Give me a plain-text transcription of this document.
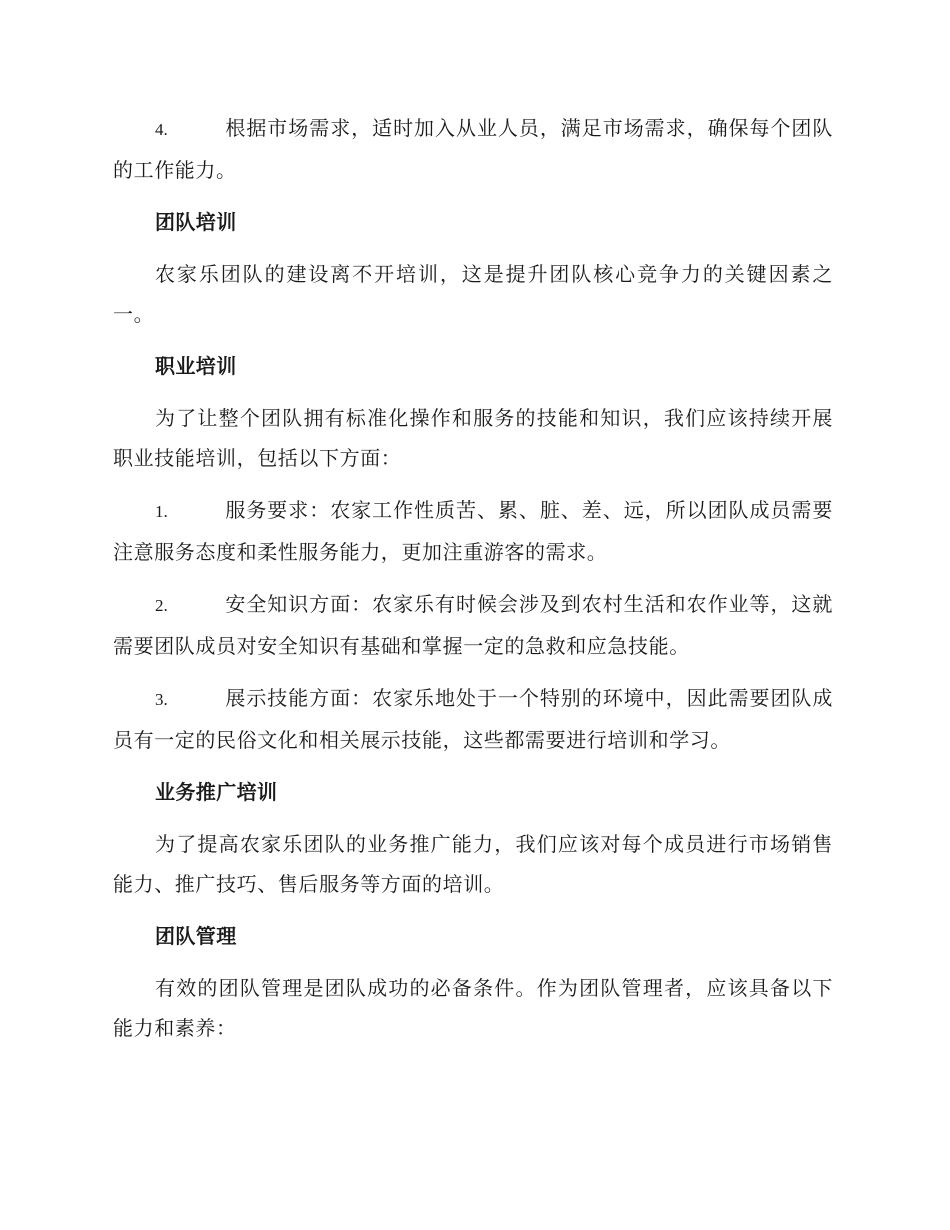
4.	根据市场需求，适时加入从业人员，满足市场需求，确保每个团队的工作能力。

团队培训

农家乐团队的建设离不开培训，这是提升团队核心竞争力的关键因素之一。

职业培训

为了让整个团队拥有标准化操作和服务的技能和知识，我们应该持续开展职业技能培训，包括以下方面：

1.	服务要求：农家工作性质苦、累、脏、差、远，所以团队成员需要注意服务态度和柔性服务能力，更加注重游客的需求。

2.	安全知识方面：农家乐有时候会涉及到农村生活和农作业等，这就需要团队成员对安全知识有基础和掌握一定的急救和应急技能。

3.	展示技能方面：农家乐地处于一个特别的环境中，因此需要团队成员有一定的民俗文化和相关展示技能，这些都需要进行培训和学习。

业务推广培训

为了提高农家乐团队的业务推广能力，我们应该对每个成员进行市场销售能力、推广技巧、售后服务等方面的培训。

团队管理

有效的团队管理是团队成功的必备条件。作为团队管理者，应该具备以下能力和素养：
